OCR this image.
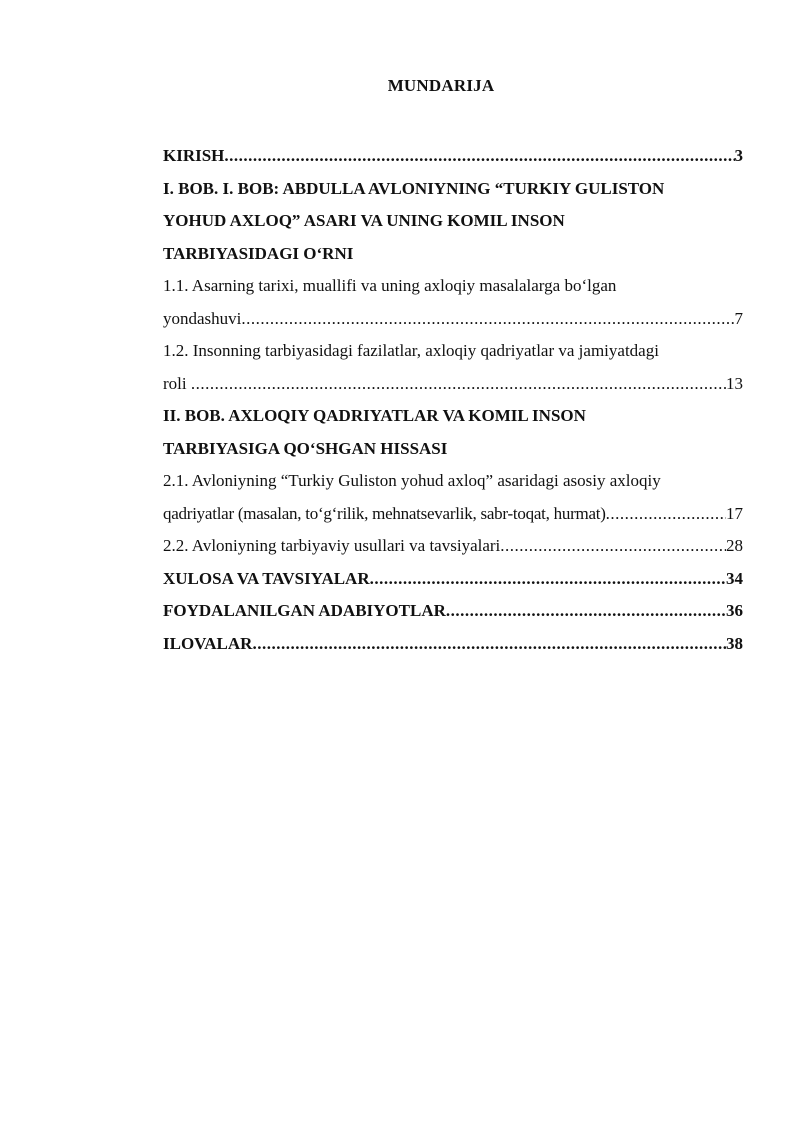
MUNDARIJA
KIRISH .....	3
I. BOB. I. BOB: ABDULLA AVLONIYNING “TURKIY GULISTON
YOHUD AXLOQ” ASARI VA UNING KOMIL INSON
TARBIYASIDAGI O‘RNI
1.1. Asarning tarixi, muallifi va uning axloqiy masalalarga bo‘lgan
yondashuvi .....	7
1.2. Insonning tarbiyasidagi fazilatlar, axloqiy qadriyatlar va jamiyatdagi
roli .....	13
II. BOB. AXLOQIY QADRIYATLAR VA KOMIL INSON
TARBIYASIGA QO‘SHGAN HISSASI
2.1. Avloniyning “Turkiy Guliston yohud axloq” asaridagi asosiy axloqiy
qadriyatlar (masalan, to‘g‘rilik, mehnatsevarlik, sabr-toqat, hurmat) .....	17
2.2. Avloniyning tarbiyaviy usullari va tavsiyalari .....	28
XULOSA VA TAVSIYALAR .....	34
FOYDALANILGAN ADABIYOTLAR .....	36
ILOVALAR .....	38
